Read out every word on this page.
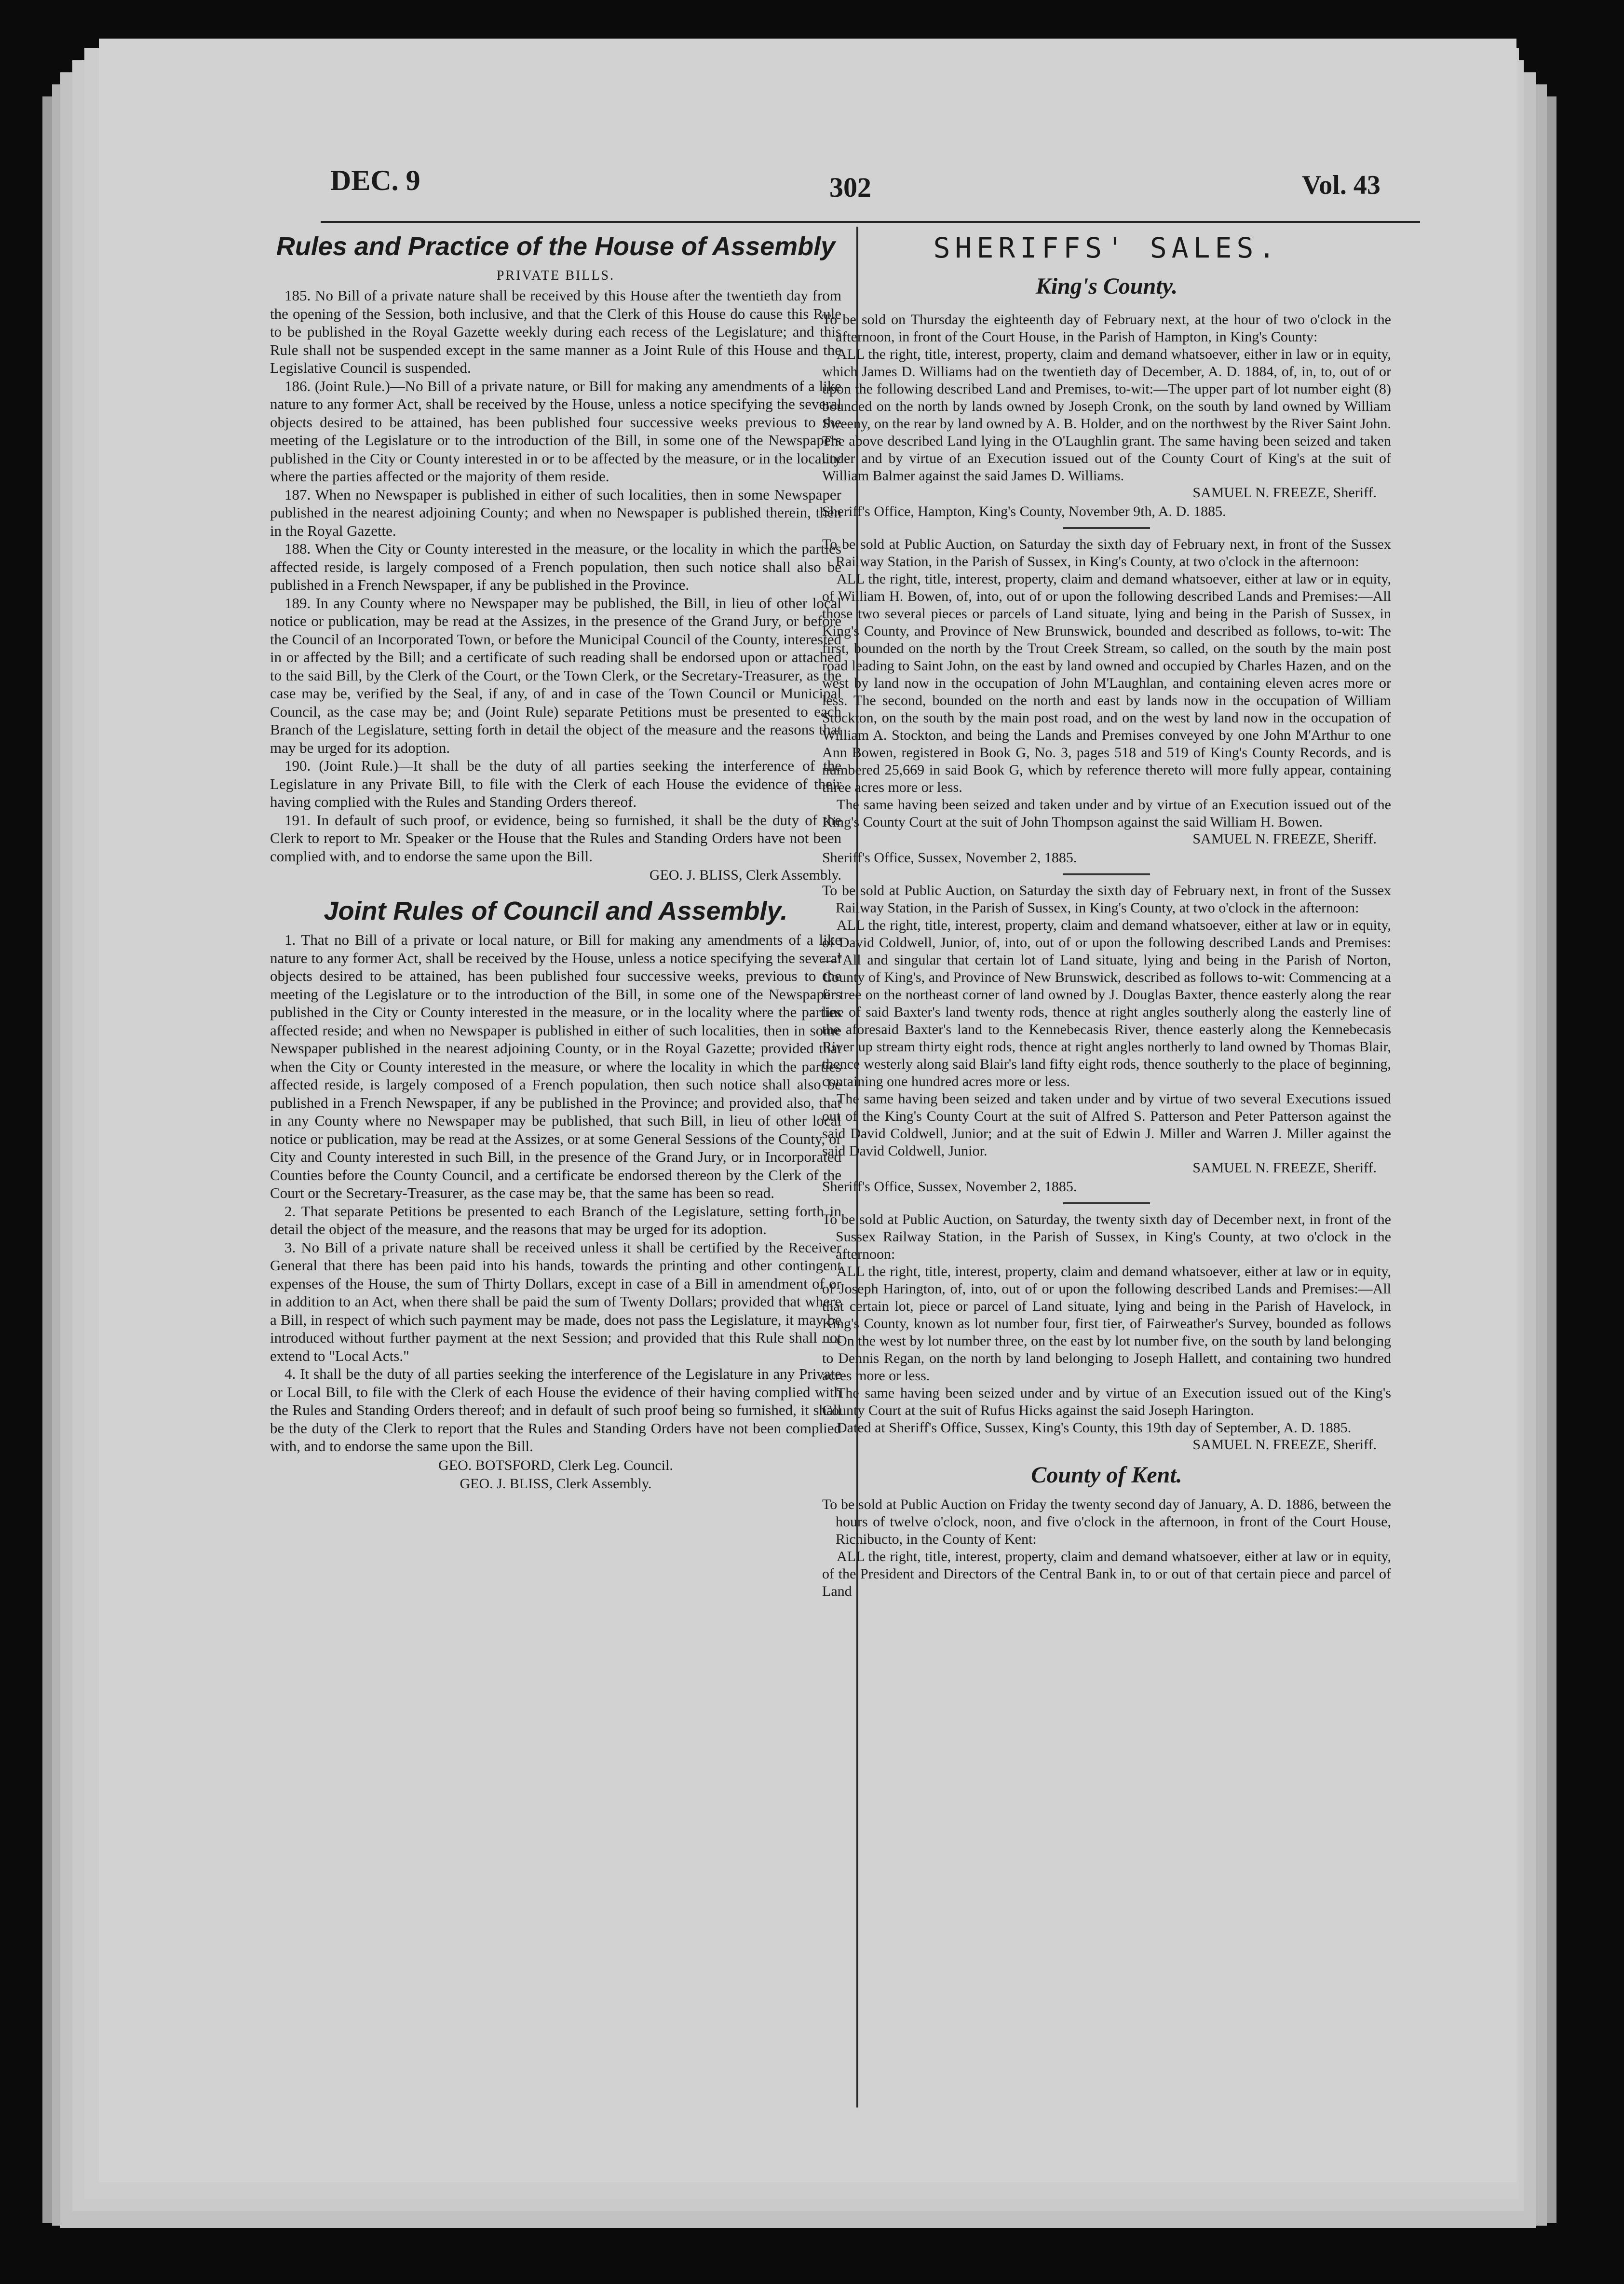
DEC. 9	302	Vol. 43
Rules and Practice of the House of Assembly
PRIVATE BILLS.

185. No Bill of a private nature shall be received by this House after the twentieth day from the opening of the Session, both inclusive, and that the Clerk of this House do cause this Rule to be published in the Royal Gazette weekly during each recess of the Legislature; and this Rule shall not be suspended except in the same manner as a Joint Rule of this House and the Legislative Council is suspended.

186. (Joint Rule.)—No Bill of a private nature, or Bill for making any amendments of a like nature to any former Act, shall be received by the House, unless a notice specifying the several objects desired to be attained, has been published four successive weeks previous to the meeting of the Legislature or to the introduction of the Bill, in some one of the Newspapers published in the City or County interested in or to be affected by the measure, or in the locality where the parties affected or the majority of them reside.

187. When no Newspaper is published in either of such localities, then in some Newspaper published in the nearest adjoining County; and when no Newspaper is published therein, then in the Royal Gazette.

188. When the City or County interested in the measure, or the locality in which the parties affected reside, is largely composed of a French population, then such notice shall also be published in a French Newspaper, if any be published in the Province.

189. In any County where no Newspaper may be published, the Bill, in lieu of other local notice or publication, may be read at the Assizes, in the presence of the Grand Jury, or before the Council of an Incorporated Town, or before the Municipal Council of the County, interested in or affected by the Bill; and a certificate of such reading shall be endorsed upon or attached to the said Bill, by the Clerk of the Court, or the Town Clerk, or the Secretary-Treasurer, as the case may be, verified by the Seal, if any, of and in case of the Town Council or Municipal Council, as the case may be; and (Joint Rule) separate Petitions must be presented to each Branch of the Legislature, setting forth in detail the object of the measure and the reasons that may be urged for its adoption.

190. (Joint Rule.)—It shall be the duty of all parties seeking the interference of the Legislature in any Private Bill, to file with the Clerk of each House the evidence of their having complied with the Rules and Standing Orders thereof.

191. In default of such proof, or evidence, being so furnished, it shall be the duty of the Clerk to report to Mr. Speaker or the House that the Rules and Standing Orders have not been complied with, and to endorse the same upon the Bill.

GEO. J. BLISS, Clerk Assembly.
Joint Rules of Council and Assembly.

1. That no Bill of a private or local nature, or Bill for making any amendments of a like nature to any former Act, shall be received by the House, unless a notice specifying the several objects desired to be attained, has been published four successive weeks, previous to the meeting of the Legislature or to the introduction of the Bill, in some one of the Newspapers published in the City or County interested in the measure, or in the locality where the parties affected reside; and when no Newspaper is published in either of such localities, then in some Newspaper published in the nearest adjoining County, or in the Royal Gazette; provided that when the City or County interested in the measure, or where the locality in which the parties affected reside, is largely composed of a French population, then such notice shall also be published in a French Newspaper, if any be published in the Province; and provided also, that in any County where no Newspaper may be published, that such Bill, in lieu of other local notice or publication, may be read at the Assizes, or at some General Sessions of the County, or City and County interested in such Bill, in the presence of the Grand Jury, or in Incorporated Counties before the County Council, and a certificate be endorsed thereon by the Clerk of the Court or the Secretary-Treasurer, as the case may be, that the same has been so read.

2. That separate Petitions be presented to each Branch of the Legislature, setting forth in detail the object of the measure, and the reasons that may be urged for its adoption.

3. No Bill of a private nature shall be received unless it shall be certified by the Receiver General that there has been paid into his hands, towards the printing and other contingent expenses of the House, the sum of Thirty Dollars, except in case of a Bill in amendment of or in addition to an Act, when there shall be paid the sum of Twenty Dollars; provided that where a Bill, in respect of which such payment may be made, does not pass the Legislature, it may be introduced without further payment at the next Session; and provided that this Rule shall not extend to "Local Acts."

4. It shall be the duty of all parties seeking the interference of the Legislature in any Private or Local Bill, to file with the Clerk of each House the evidence of their having complied with the Rules and Standing Orders thereof; and in default of such proof being so furnished, it shall be the duty of the Clerk to report that the Rules and Standing Orders have not been complied with, and to endorse the same upon the Bill.

GEO. BOTSFORD, Clerk Leg. Council.
GEO. J. BLISS, Clerk Assembly.
SHERIFFS' SALES.
King's County.

To be sold on Thursday the eighteenth day of February next, at the hour of two o'clock in the afternoon, in front of the Court House, in the Parish of Hampton, in King's County:

ALL the right, title, interest, property, claim and demand whatsoever, either in law or in equity, which James D. Williams had on the twentieth day of December, A. D. 1884, of, in, to, out of or upon the following described Land and Premises, to-wit:—The upper part of lot number eight (8) bounded on the north by lands owned by Joseph Cronk, on the south by land owned by William Sweeny, on the rear by land owned by A. B. Holder, and on the northwest by the River Saint John. The above described Land lying in the O'Laughlin grant. The same having been seized and taken under and by virtue of an Execution issued out of the County Court of King's at the suit of William Balmer against the said James D. Williams.

SAMUEL N. FREEZE, Sheriff.
Sheriff's Office, Hampton, King's County, November 9th, A. D. 1885.

To be sold at Public Auction, on Saturday the sixth day of February next, in front of the Sussex Railway Station, in the Parish of Sussex, in King's County, at two o'clock in the afternoon:

ALL the right, title, interest, property, claim and demand whatsoever, either at law or in equity, of William H. Bowen, of, into, out of or upon the following described Lands and Premises:—All those two several pieces or parcels of Land situate, lying and being in the Parish of Sussex, in King's County, and Province of New Brunswick, bounded and described as follows, to-wit: The first, bounded on the north by the Trout Creek Stream, so called, on the south by the main post road leading to Saint John, on the east by land owned and occupied by Charles Hazen, and on the west by land now in the occupation of John M'Laughlan, and containing eleven acres more or less. The second, bounded on the north and east by lands now in the occupation of William Stockton, on the south by the main post road, and on the west by land now in the occupation of William A. Stockton, and being the Lands and Premises conveyed by one John M'Arthur to one Ann Bowen, registered in Book G, No. 3, pages 518 and 519 of King's County Records, and is numbered 25,669 in said Book G, which by reference thereto will more fully appear, containing three acres more or less.

The same having been seized and taken under and by virtue of an Execution issued out of the King's County Court at the suit of John Thompson against the said William H. Bowen.

SAMUEL N. FREEZE, Sheriff.
Sheriff's Office, Sussex, November 2, 1885.

To be sold at Public Auction, on Saturday the sixth day of February next, in front of the Sussex Railway Station, in the Parish of Sussex, in King's County, at two o'clock in the afternoon:

ALL the right, title, interest, property, claim and demand whatsoever, either at law or in equity, of David Coldwell, Junior, of, into, out of or upon the following described Lands and Premises:—"All and singular that certain lot of Land situate, lying and being in the Parish of Norton, County of King's, and Province of New Brunswick, described as follows to-wit: Commencing at a fir tree on the northeast corner of land owned by J. Douglas Baxter, thence easterly along the rear line of said Baxter's land twenty rods, thence at right angles southerly along the easterly line of the aforesaid Baxter's land to the Kennebecasis River, thence easterly along the Kennebecasis River up stream thirty eight rods, thence at right angles northerly to land owned by Thomas Blair, thence westerly along said Blair's land fifty eight rods, thence southerly to the place of beginning, containing one hundred acres more or less.

The same having been seized and taken under and by virtue of two several Executions issued out of the King's County Court at the suit of Alfred S. Patterson and Peter Patterson against the said David Coldwell, Junior; and at the suit of Edwin J. Miller and Warren J. Miller against the said David Coldwell, Junior.

SAMUEL N. FREEZE, Sheriff.
Sheriff's Office, Sussex, November 2, 1885.

To be sold at Public Auction, on Saturday, the twenty sixth day of December next, in front of the Sussex Railway Station, in the Parish of Sussex, in King's County, at two o'clock in the afternoon:

ALL the right, title, interest, property, claim and demand whatsoever, either at law or in equity, of Joseph Harington, of, into, out of or upon the following described Lands and Premises:—All that certain lot, piece or parcel of Land situate, lying and being in the Parish of Havelock, in King's County, known as lot number four, first tier, of Fairweather's Survey, bounded as follows—On the west by lot number three, on the east by lot number five, on the south by land belonging to Dennis Regan, on the north by land belonging to Joseph Hallett, and containing two hundred acres more or less.

The same having been seized under and by virtue of an Execution issued out of the King's County Court at the suit of Rufus Hicks against the said Joseph Harington.

Dated at Sheriff's Office, Sussex, King's County, this 19th day of September, A. D. 1885.

SAMUEL N. FREEZE, Sheriff.
County of Kent.

To be sold at Public Auction on Friday the twenty second day of January, A. D. 1886, between the hours of twelve o'clock, noon, and five o'clock in the afternoon, in front of the Court House, Richibucto, in the County of Kent:

ALL the right, title, interest, property, claim and demand whatsoever, either at law or in equity, of the President and Directors of the Central Bank in, to or out of that certain piece and parcel of Land
